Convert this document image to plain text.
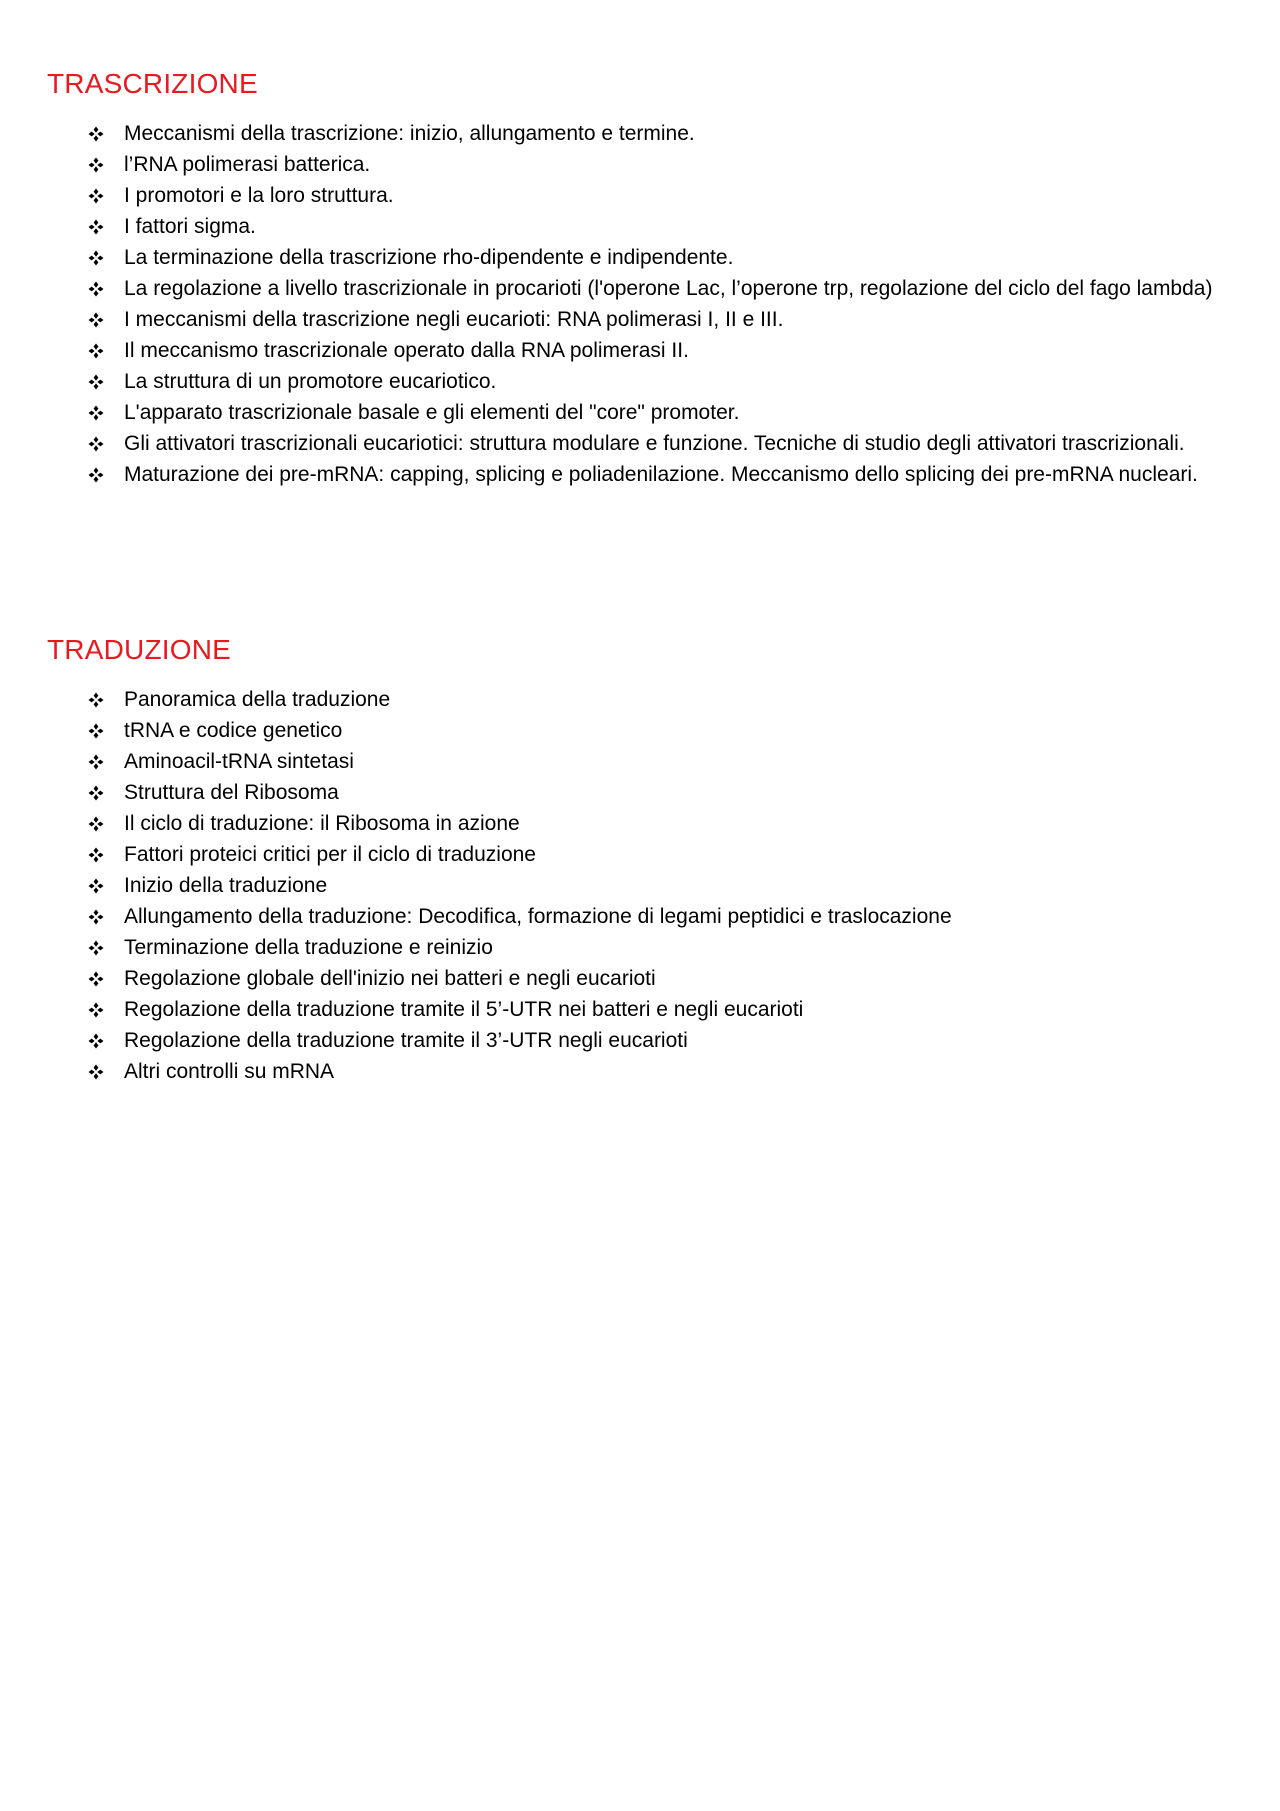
TRASCRIZIONE
Meccanismi della trascrizione: inizio, allungamento e termine.
l’RNA polimerasi batterica.
I promotori e la loro struttura.
I fattori sigma.
La terminazione della trascrizione rho-dipendente e indipendente.
La regolazione a livello trascrizionale in procarioti (l'operone Lac, l’operone trp, regolazione del ciclo del fago lambda)
I meccanismi della trascrizione negli eucarioti: RNA polimerasi I, II e III.
Il meccanismo trascrizionale operato dalla RNA polimerasi II.
La struttura di un promotore eucariotico.
L'apparato trascrizionale basale e gli elementi del "core" promoter.
Gli attivatori trascrizionali eucariotici: struttura modulare e funzione. Tecniche di studio degli attivatori trascrizionali.
Maturazione dei pre-mRNA: capping, splicing e poliadenilazione. Meccanismo dello splicing dei pre-mRNA nucleari.
TRADUZIONE
Panoramica della traduzione
tRNA e codice genetico
Aminoacil-tRNA sintetasi
Struttura del Ribosoma
Il ciclo di traduzione: il Ribosoma in azione
Fattori proteici critici per il ciclo di traduzione
Inizio della traduzione
Allungamento della traduzione: Decodifica, formazione di legami peptidici e traslocazione
Terminazione della traduzione e reinizio
Regolazione globale dell'inizio nei batteri e negli eucarioti
Regolazione della traduzione tramite il 5’-UTR nei batteri e negli eucarioti
Regolazione della traduzione tramite il 3’-UTR negli eucarioti
Altri controlli su mRNA
